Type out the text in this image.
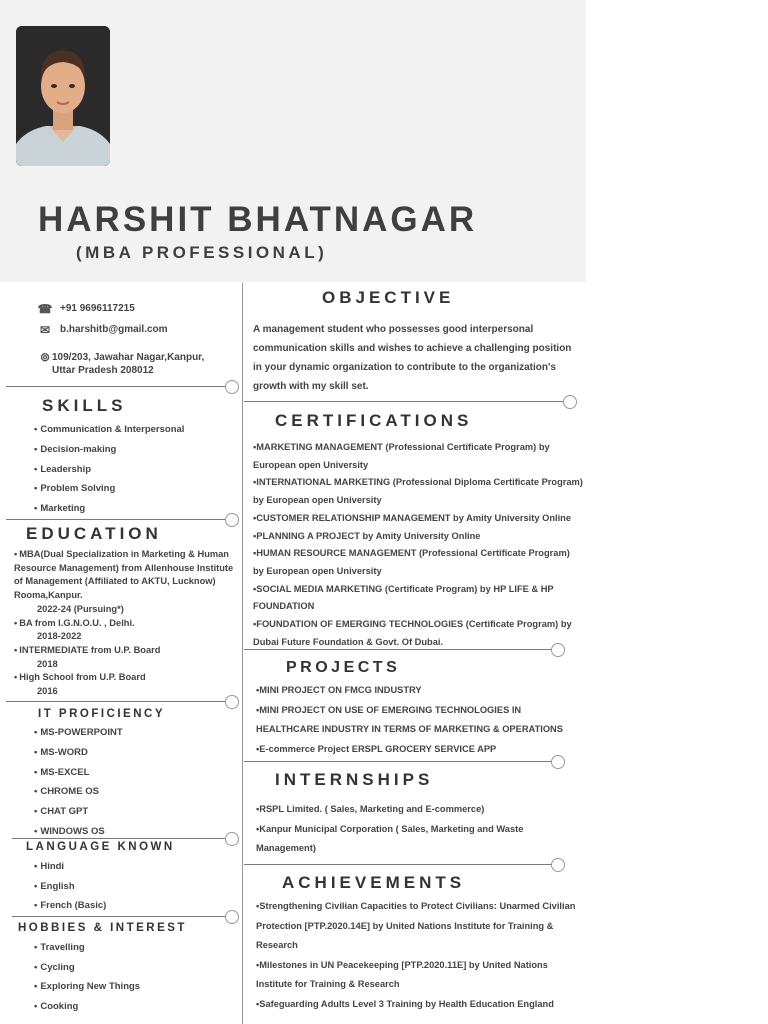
HARSHIT BHATNAGAR
(MBA PROFESSIONAL)
☎ +91 9696117215
✉ b.harshitb@gmail.com
⊚ 109/203, Jawahar Nagar,Kanpur,
Uttar Pradesh 208012
SKILLS
• Communication & Interpersonal
• Decision-making
• Leadership
• Problem Solving
• Marketing
EDUCATION
• MBA(Dual Specialization in Marketing & Human Resource Management) from Allenhouse Institute of Management (Affiliated to AKTU, Lucknow) Rooma,Kanpur.
2022-24 (Pursuing*)
• BA from I.G.N.O.U. , Delhi.
2018-2022
• INTERMEDIATE from U.P. Board
2018
• High School from U.P. Board
2016
IT PROFICIENCY
• MS-POWERPOINT
• MS-WORD
• MS-EXCEL
• CHROME OS
• CHAT GPT
• WINDOWS OS
LANGUAGE KNOWN
• Hindi
• English
• French (Basic)
HOBBIES & INTEREST
• Travelling
• Cycling
• Exploring New Things
• Cooking
OBJECTIVE
A management student who possesses good interpersonal
communication skills and wishes to achieve a challenging position
in your dynamic organization to contribute to the organization's
growth with my skill set.
CERTIFICATIONS
• MARKETING MANAGEMENT (Professional Certificate Program) by European open University
• INTERNATIONAL MARKETING (Professional Diploma Certificate Program) by European open University
• CUSTOMER RELATIONSHIP MANAGEMENT by Amity University Online
• PLANNING A PROJECT by Amity University Online
• HUMAN RESOURCE MANAGEMENT (Professional Certificate Program) by European open University
• SOCIAL MEDIA MARKETING (Certificate Program) by HP LIFE & HP FOUNDATION
• FOUNDATION OF EMERGING TECHNOLOGIES (Certificate Program) by Dubai Future Foundation & Govt. Of Dubai.
PROJECTS
• MINI PROJECT ON FMCG INDUSTRY
• MINI PROJECT ON USE OF EMERGING TECHNOLOGIES IN HEALTHCARE INDUSTRY IN TERMS OF MARKETING & OPERATIONS
• E-commerce Project ERSPL GROCERY SERVICE APP
INTERNSHIPS
• RSPL Limited. ( Sales, Marketing and E-commerce)
• Kanpur Municipal Corporation ( Sales, Marketing and Waste Management)
ACHIEVEMENTS
• Strengthening Civilian Capacities to Protect Civilians: Unarmed Civilian Protection [PTP.2020.14E] by United Nations Institute for Training & Research
• Milestones in UN Peacekeeping [PTP.2020.11E] by United Nations Institute for Training & Research
• Safeguarding Adults Level 3 Training by Health Education England
